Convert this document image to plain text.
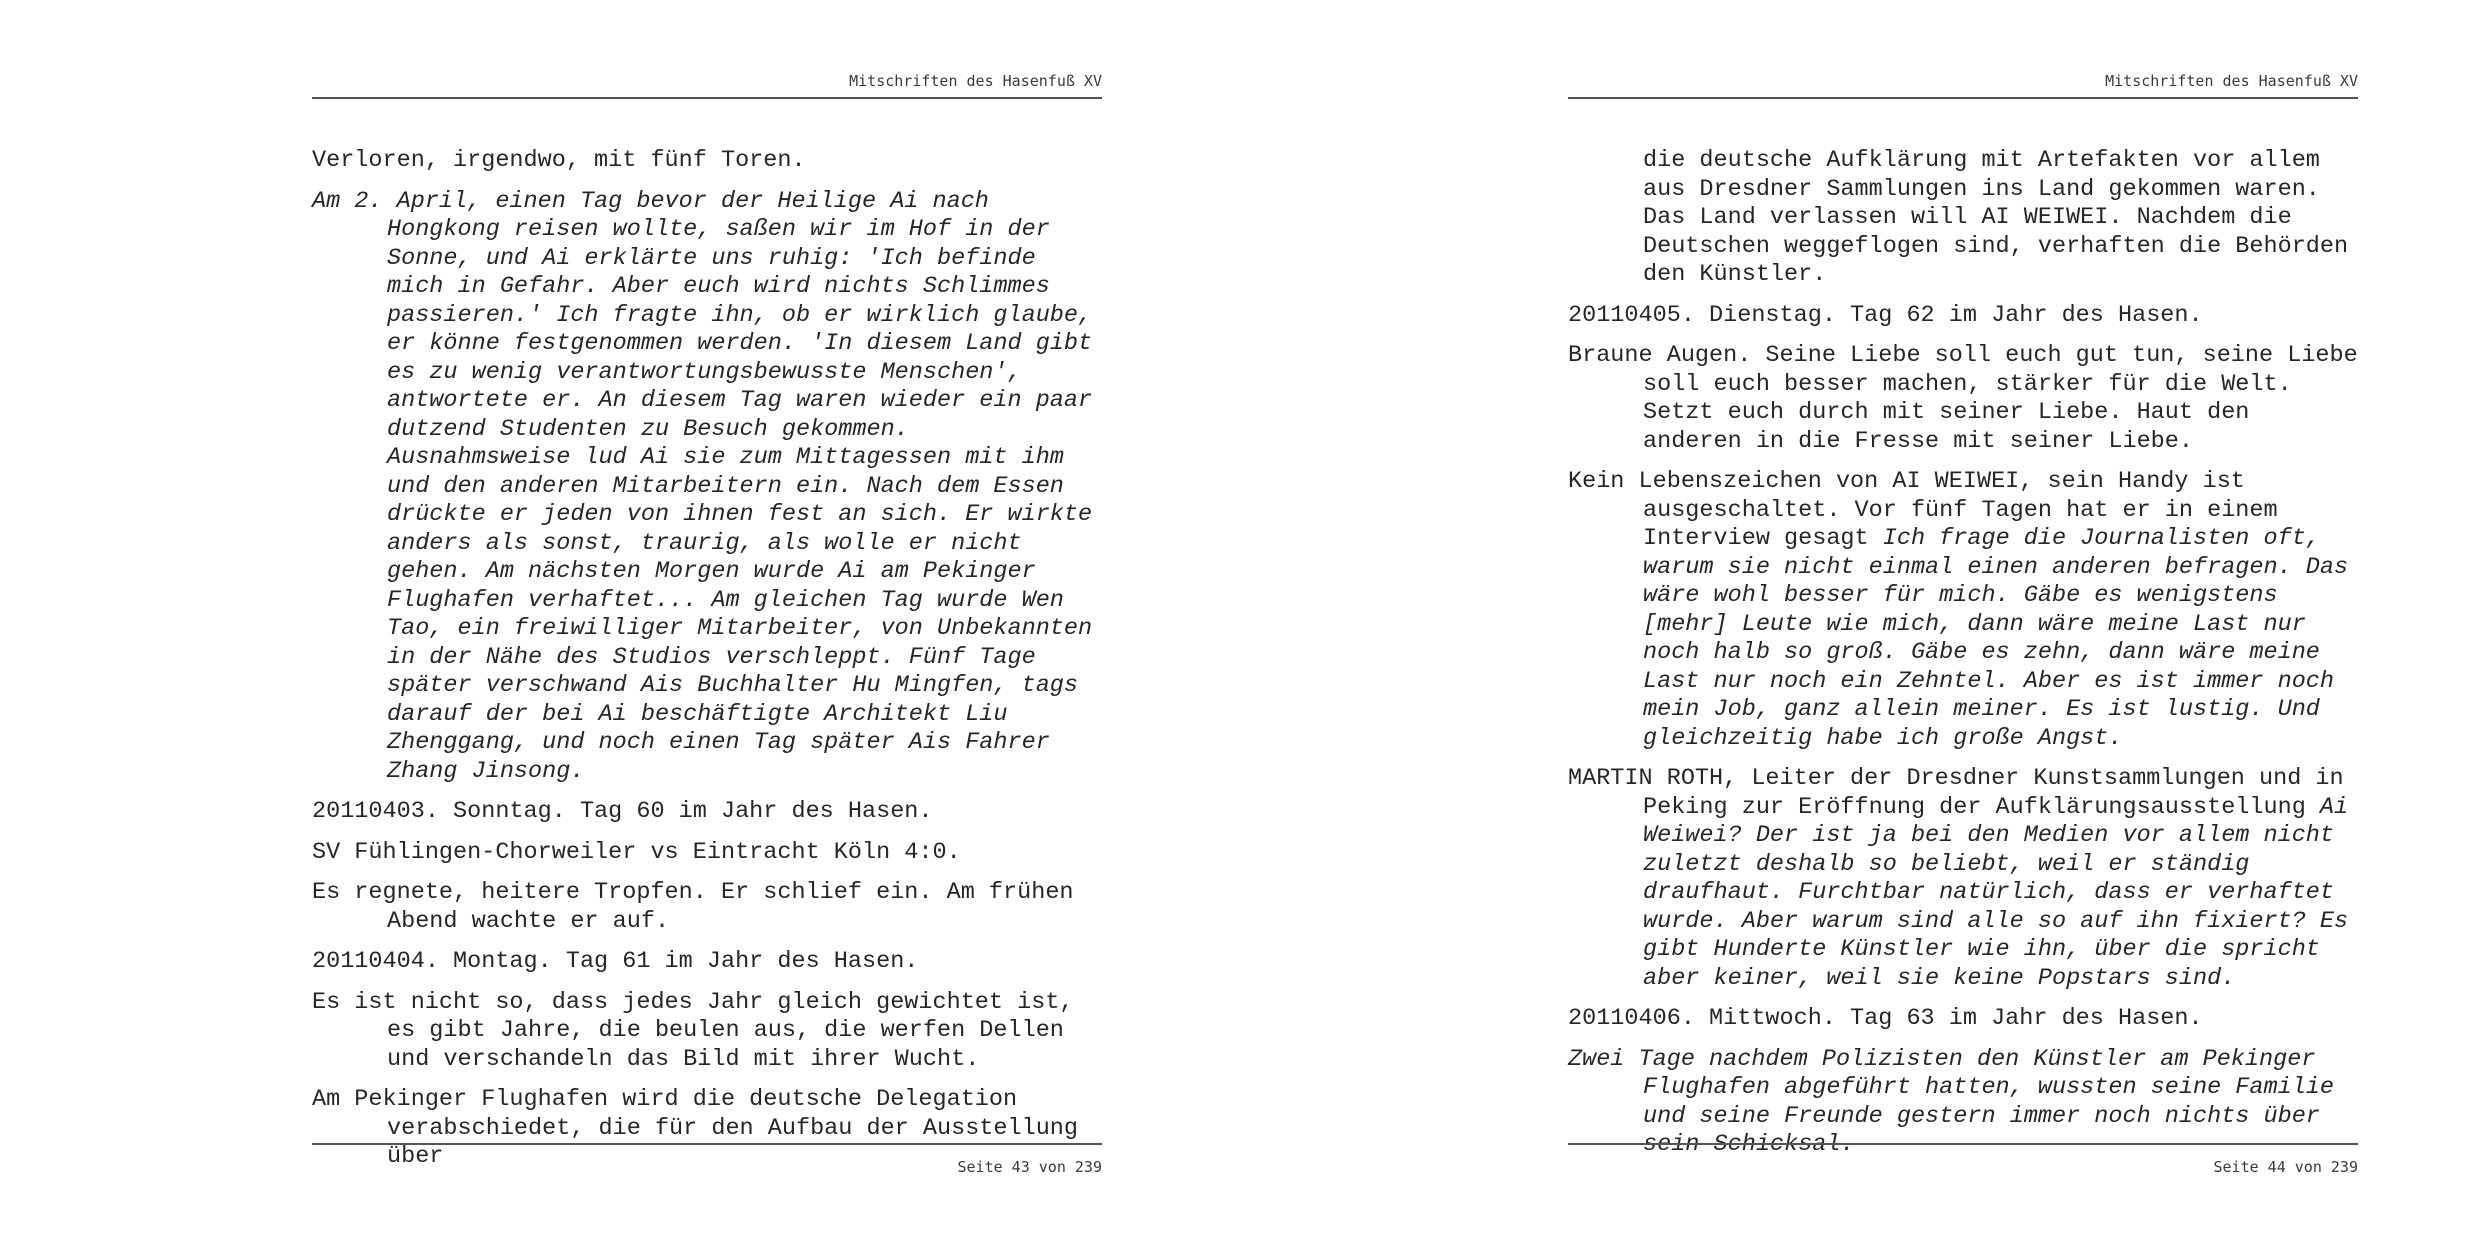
Mitschriften des Hasenfuß XV

Verloren, irgendwo, mit fünf Toren.

Am 2. April, einen Tag bevor der Heilige Ai nach Hongkong reisen wollte, saßen wir im Hof in der Sonne, und Ai erklärte uns ruhig: 'Ich befinde mich in Gefahr. Aber euch wird nichts Schlimmes passieren.' Ich fragte ihn, ob er wirklich glaube, er könne festgenommen werden. 'In diesem Land gibt es zu wenig verantwortungsbewusste Menschen', antwortete er. An diesem Tag waren wieder ein paar dutzend Studenten zu Besuch gekommen. Ausnahmsweise lud Ai sie zum Mittagessen mit ihm und den anderen Mitarbeitern ein. Nach dem Essen drückte er jeden von ihnen fest an sich. Er wirkte anders als sonst, traurig, als wolle er nicht gehen. Am nächsten Morgen wurde Ai am Pekinger Flughafen verhaftet... Am gleichen Tag wurde Wen Tao, ein freiwilliger Mitarbeiter, von Unbekannten in der Nähe des Studios verschleppt. Fünf Tage später verschwand Ais Buchhalter Hu Mingfen, tags darauf der bei Ai beschäftigte Architekt Liu Zhenggang, und noch einen Tag später Ais Fahrer Zhang Jinsong.

20110403. Sonntag. Tag 60 im Jahr des Hasen.

SV Fühlingen-Chorweiler vs Eintracht Köln 4:0.

Es regnete, heitere Tropfen. Er schlief ein. Am frühen Abend wachte er auf.

20110404. Montag. Tag 61 im Jahr des Hasen.

Es ist nicht so, dass jedes Jahr gleich gewichtet ist, es gibt Jahre, die beulen aus, die werfen Dellen und verschandeln das Bild mit ihrer Wucht.

Am Pekinger Flughafen wird die deutsche Delegation verabschiedet, die für den Aufbau der Ausstellung über	Seite 43 von 239
Mitschriften des Hasenfuß XV

die deutsche Aufklärung mit Artefakten vor allem aus Dresdner Sammlungen ins Land gekommen waren. Das Land verlassen will AI WEIWEI. Nachdem die Deutschen weggeflogen sind, verhaften die Behörden den Künstler.

20110405. Dienstag. Tag 62 im Jahr des Hasen.

Braune Augen. Seine Liebe soll euch gut tun, seine Liebe soll euch besser machen, stärker für die Welt. Setzt euch durch mit seiner Liebe. Haut den anderen in die Fresse mit seiner Liebe.

Kein Lebenszeichen von AI WEIWEI, sein Handy ist ausgeschaltet. Vor fünf Tagen hat er in einem Interview gesagt Ich frage die Journalisten oft, warum sie nicht einmal einen anderen befragen. Das wäre wohl besser für mich. Gäbe es wenigstens [mehr] Leute wie mich, dann wäre meine Last nur noch halb so groß. Gäbe es zehn, dann wäre meine Last nur noch ein Zehntel. Aber es ist immer noch mein Job, ganz allein meiner. Es ist lustig. Und gleichzeitig habe ich große Angst.

MARTIN ROTH, Leiter der Dresdner Kunstsammlungen und in Peking zur Eröffnung der Aufklärungsausstellung Ai Weiwei? Der ist ja bei den Medien vor allem nicht zuletzt deshalb so beliebt, weil er ständig draufhaut. Furchtbar natürlich, dass er verhaftet wurde. Aber warum sind alle so auf ihn fixiert? Es gibt Hunderte Künstler wie ihn, über die spricht aber keiner, weil sie keine Popstars sind.

20110406. Mittwoch. Tag 63 im Jahr des Hasen.

Zwei Tage nachdem Polizisten den Künstler am Pekinger Flughafen abgeführt hatten, wussten seine Familie und seine Freunde gestern immer noch nichts über sein Schicksal.

Seite 44 von 239
